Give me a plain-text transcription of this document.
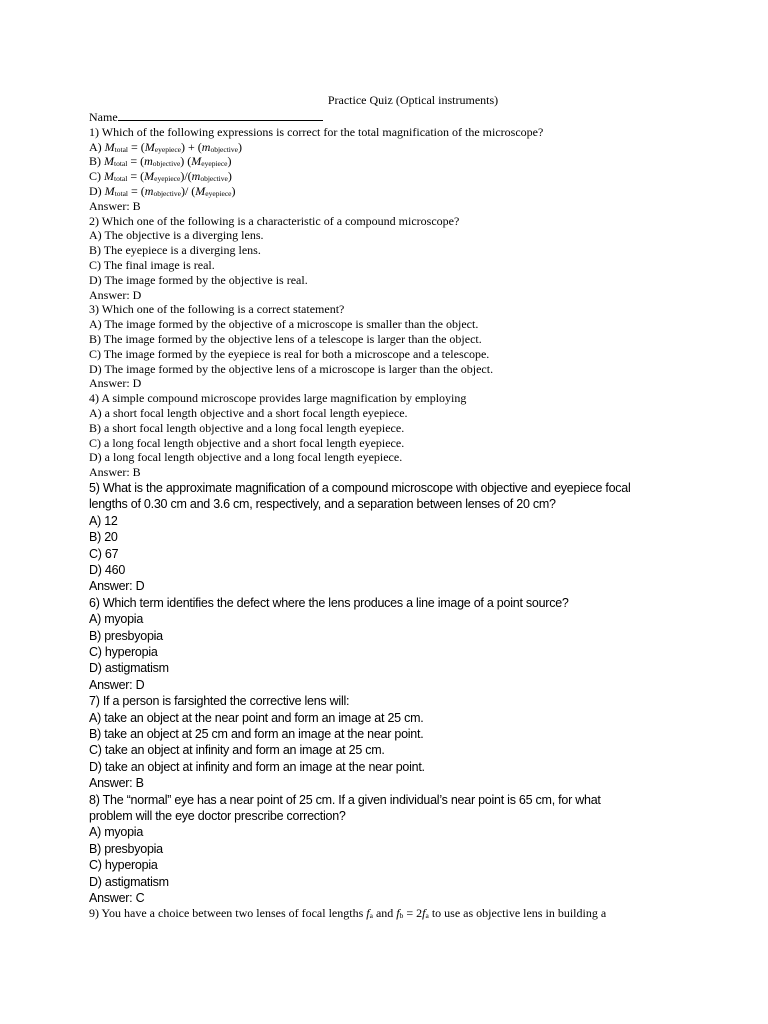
Practice Quiz (Optical instruments)
Name
1) Which of the following expressions is correct for the total magnification of the microscope?
A) $M_{total} = (M_{eyepiece}) + (m_{objective})$
B) $M_{total} = (m_{objective})$ $(M_{eyepiece})$
C) $M_{total} = (M_{eyepiece})/(m_{objective})$
D) $M_{total} = (m_{objective})/$ $(M_{eyepiece})$
Answer: B
2) Which one of the following is a characteristic of a compound microscope?
A) The objective is a diverging lens.
B) The eyepiece is a diverging lens.
C) The final image is real.
D) The image formed by the objective is real.
Answer: D
3) Which one of the following is a correct statement?
A) The image formed by the objective of a microscope is smaller than the object.
B) The image formed by the objective lens of a telescope is larger than the object.
C) The image formed by the eyepiece is real for both a microscope and a telescope.
D) The image formed by the objective lens of a microscope is larger than the object.
Answer: D
4) A simple compound microscope provides large magnification by employing
A) a short focal length objective and a short focal length eyepiece.
B) a short focal length objective and a long focal length eyepiece.
C) a long focal length objective and a short focal length eyepiece.
D) a long focal length objective and a long focal length eyepiece.
Answer: B
5) What is the approximate magnification of a compound microscope with objective and eyepiece focal
lengths of 0.30 cm and 3.6 cm, respectively, and a separation between lenses of 20 cm?
A) 12
B) 20
C) 67
D) 460
Answer: D
6) Which term identifies the defect where the lens produces a line image of a point source?
A) myopia
B) presbyopia
C) hyperopia
D) astigmatism
Answer: D
7) If a person is farsighted the corrective lens will:
A) take an object at the near point and form an image at 25 cm.
B) take an object at 25 cm and form an image at the near point.
C) take an object at infinity and form an image at 25 cm.
D) take an object at infinity and form an image at the near point.
Answer: B
8) The “normal” eye has a near point of 25 cm. If a given individual’s near point is 65 cm, for what
problem will the eye doctor prescribe correction?
A) myopia
B) presbyopia
C) hyperopia
D) astigmatism
Answer: C
9) You have a choice between two lenses of focal lengths $f_a$ and $f_b = 2f_a$ to use as objective lens in building a
